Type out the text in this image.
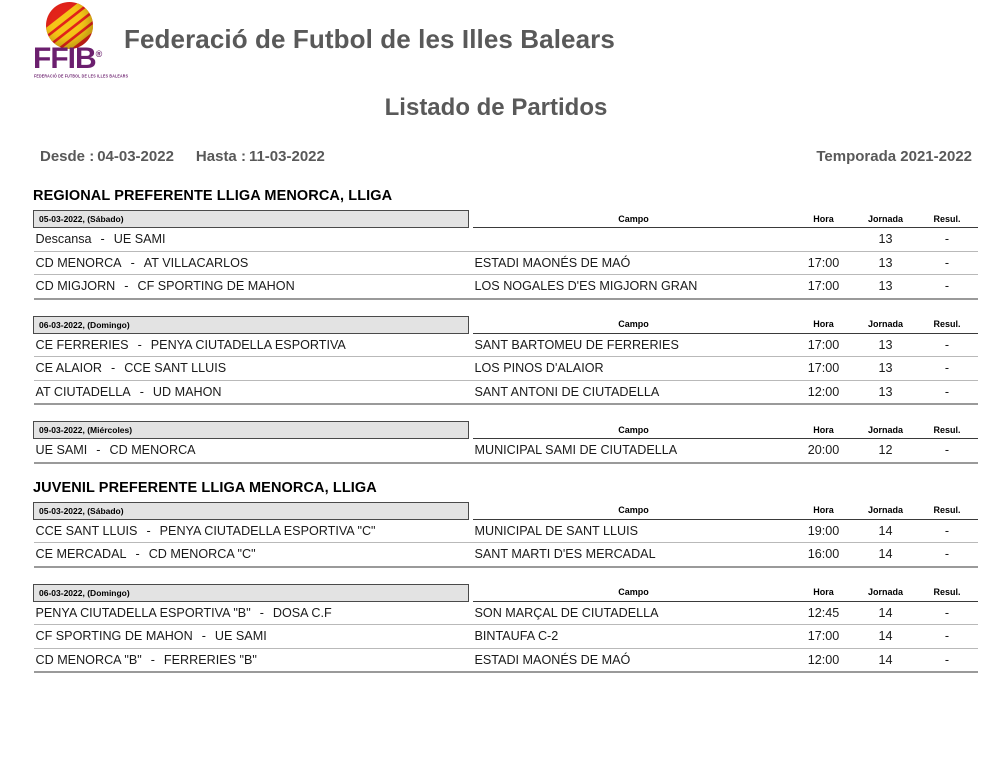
FFIB®
FEDERACIÓ DE FUTBOL DE LES ILLES BALEARS
Federació de Futbol de les Illes Balears
Listado de Partidos
Desde : 04-03-2022 Hasta : 11-03-2022	Temporada 2021-2022
REGIONAL PREFERENTE LLIGA MENORCA, LLIGA
05-03-2022, (Sábado)		Campo	Hora	Jornada	Resul.
Descansa - UE SAMI				13	-
CD MENORCA - AT VILLACARLOS		ESTADI MAONÉS DE MAÓ	17:00	13	-
CD MIGJORN - CF SPORTING DE MAHON		LOS NOGALES D'ES MIGJORN GRAN	17:00	13	-
06-03-2022, (Domingo)		Campo	Hora	Jornada	Resul.
CE FERRERIES - PENYA CIUTADELLA ESPORTIVA		SANT BARTOMEU DE FERRERIES	17:00	13	-
CE ALAIOR - CCE SANT LLUIS		LOS PINOS D'ALAIOR	17:00	13	-
AT CIUTADELLA - UD MAHON		SANT ANTONI DE CIUTADELLA	12:00	13	-
09-03-2022, (Miércoles)		Campo	Hora	Jornada	Resul.
UE SAMI - CD MENORCA		MUNICIPAL SAMI DE CIUTADELLA	20:00	12	-
JUVENIL PREFERENTE LLIGA MENORCA, LLIGA
05-03-2022, (Sábado)		Campo	Hora	Jornada	Resul.
CCE SANT LLUIS - PENYA CIUTADELLA ESPORTIVA "C"		MUNICIPAL DE SANT LLUIS	19:00	14	-
CE MERCADAL - CD MENORCA "C"		SANT MARTI D'ES MERCADAL	16:00	14	-
06-03-2022, (Domingo)		Campo	Hora	Jornada	Resul.
PENYA CIUTADELLA ESPORTIVA "B" - DOSA C.F		SON MARÇAL DE CIUTADELLA	12:45	14	-
CF SPORTING DE MAHON - UE SAMI		BINTAUFA C-2	17:00	14	-
CD MENORCA "B" - FERRERIES "B"		ESTADI MAONÉS DE MAÓ	12:00	14	-
